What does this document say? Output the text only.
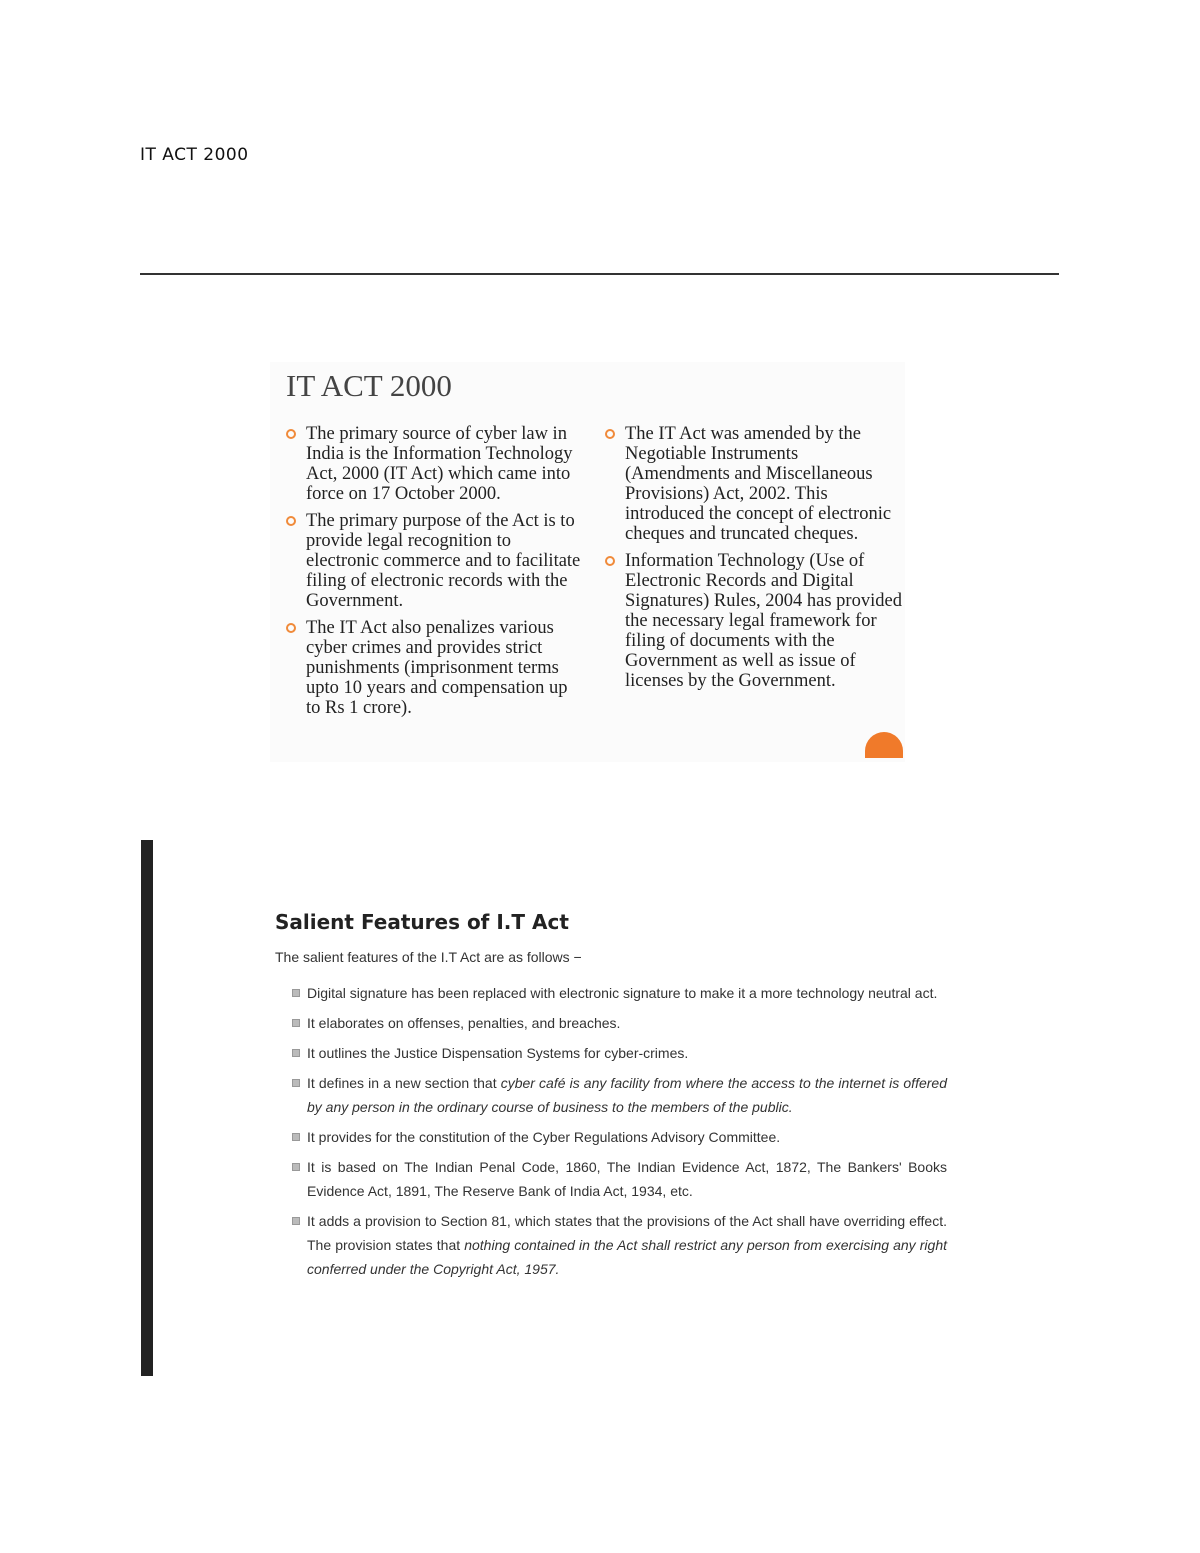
IT ACT 2000
IT ACT 2000
The primary source of cyber law in India is the Information Technology Act, 2000 (IT Act) which came into force on 17 October 2000.
The primary purpose of the Act is to provide legal recognition to electronic commerce and to facilitate filing of electronic records with the Government.
The IT Act also penalizes various cyber crimes and provides strict punishments (imprisonment terms upto 10 years and compensation up to Rs 1 crore).
The IT Act was amended by the Negotiable Instruments (Amendments and Miscellaneous Provisions) Act, 2002. This introduced the concept of electronic cheques and truncated cheques.
Information Technology (Use of Electronic Records and Digital Signatures) Rules, 2004 has provided the necessary legal framework for filing of documents with the Government as well as issue of licenses by the Government.
Salient Features of I.T Act
The salient features of the I.T Act are as follows −
Digital signature has been replaced with electronic signature to make it a more technology neutral act.
It elaborates on offenses, penalties, and breaches.
It outlines the Justice Dispensation Systems for cyber-crimes.
It defines in a new section that cyber café is any facility from where the access to the internet is offered by any person in the ordinary course of business to the members of the public.
It provides for the constitution of the Cyber Regulations Advisory Committee.
It is based on The Indian Penal Code, 1860, The Indian Evidence Act, 1872, The Bankers' Books Evidence Act, 1891, The Reserve Bank of India Act, 1934, etc.
It adds a provision to Section 81, which states that the provisions of the Act shall have overriding effect. The provision states that nothing contained in the Act shall restrict any person from exercising any right conferred under the Copyright Act, 1957.
